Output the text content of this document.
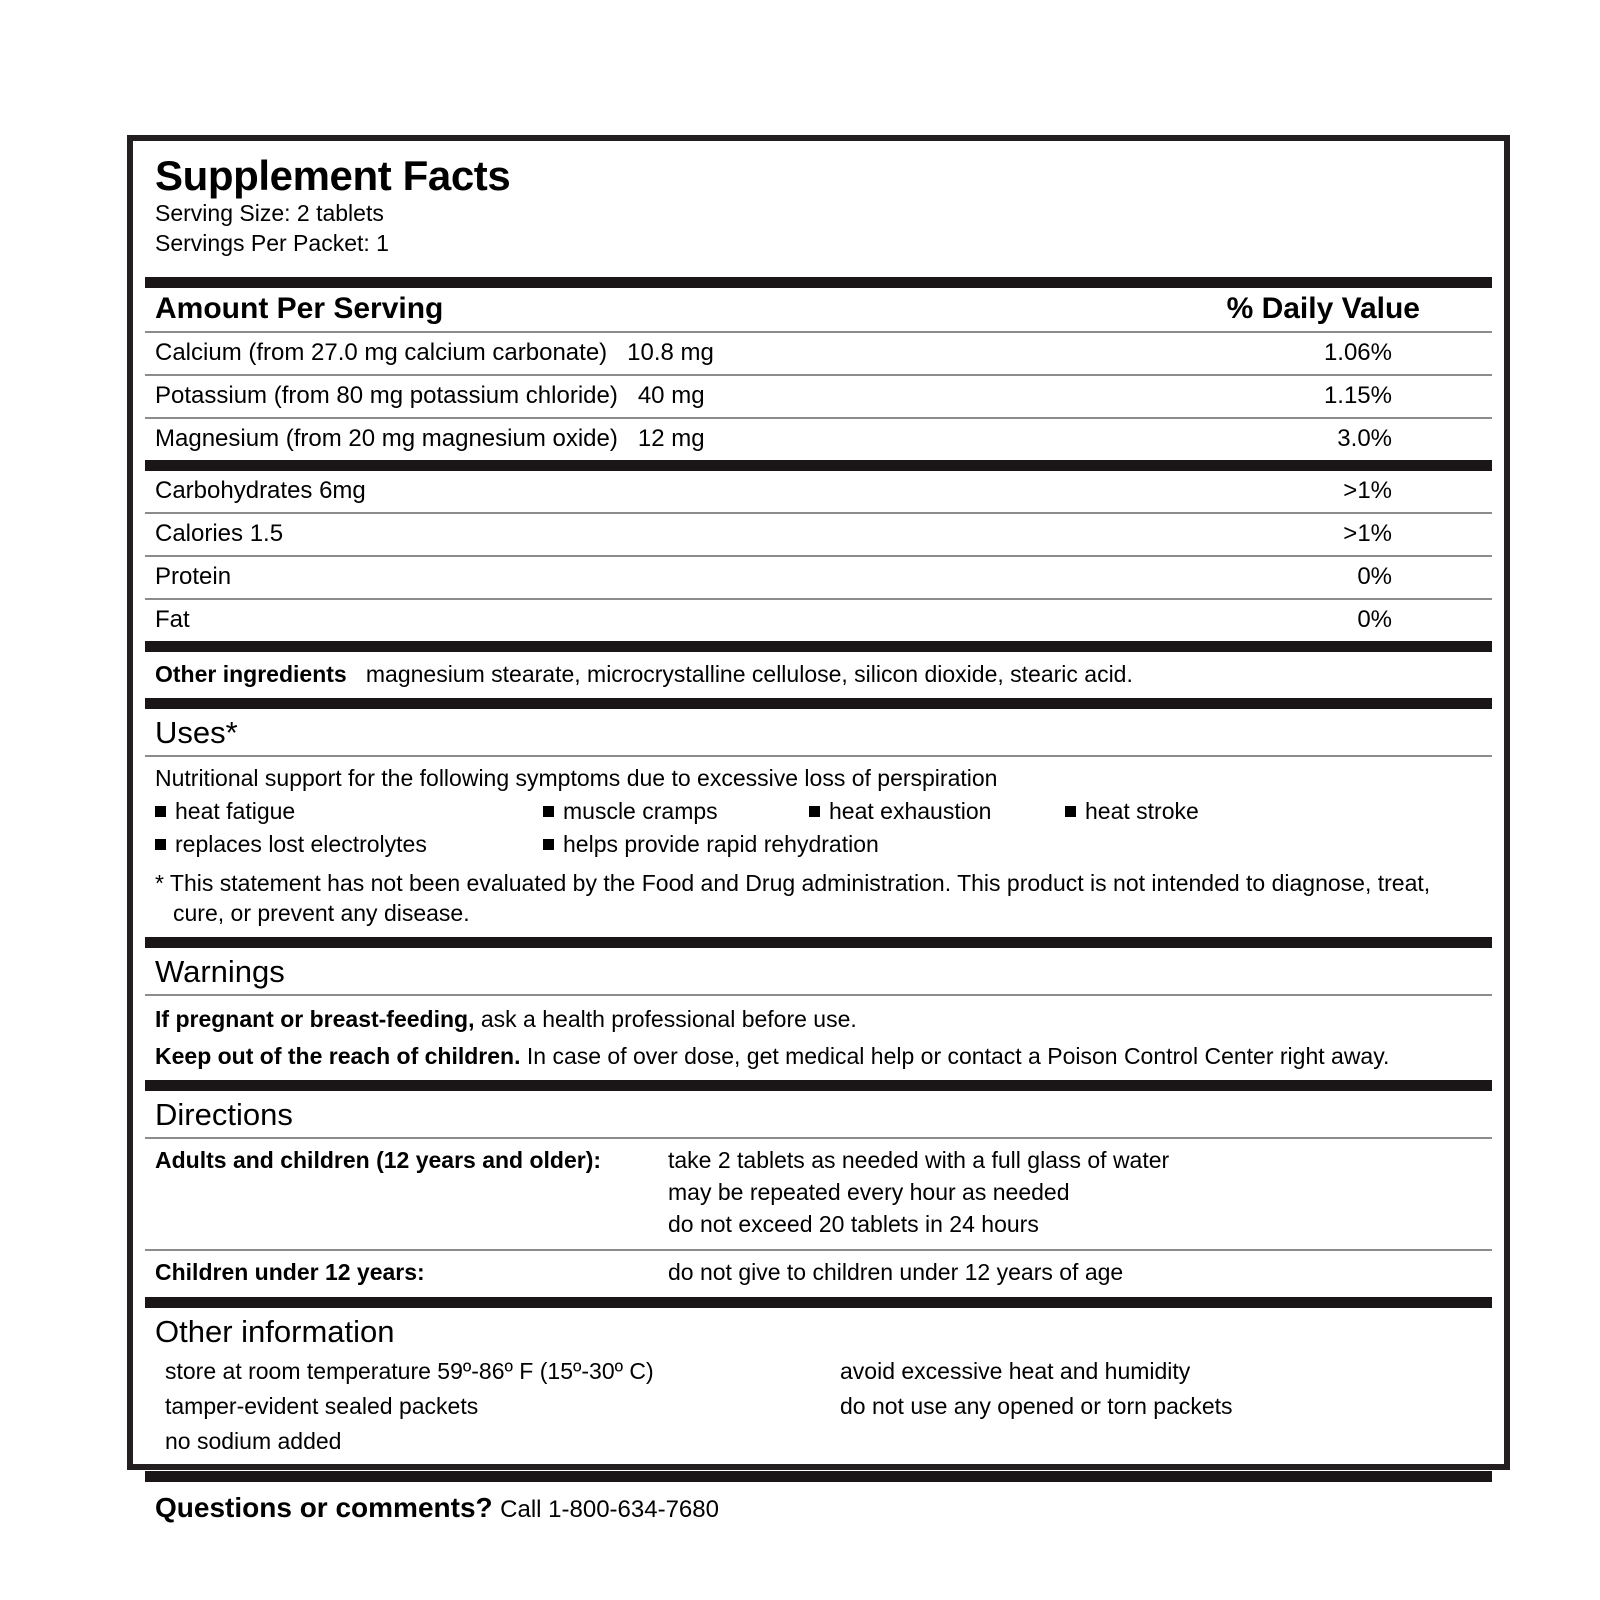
Supplement Facts
Serving Size: 2 tablets
Servings Per Packet: 1
Amount Per Serving	% Daily Value
Calcium (from 27.0 mg calcium carbonate)   10.8 mg	1.06%
Potassium (from 80 mg potassium chloride)   40 mg	1.15%
Magnesium (from 20 mg magnesium oxide)   12 mg	3.0%
Carbohydrates 6mg	>1%
Calories 1.5	>1%
Protein	0%
Fat	0%
Other ingredients magnesium stearate, microcrystalline cellulose, silicon dioxide, stearic acid.
Uses*
Nutritional support for the following symptoms due to excessive loss of perspiration
heat fatigue	muscle cramps	heat exhaustion	heat stroke
replaces lost electrolytes	helps provide rapid rehydration
* This statement has not been evaluated by the Food and Drug administration. This product is not intended to diagnose, treat,
cure, or prevent any disease.
Warnings
If pregnant or breast-feeding, ask a health professional before use.
Keep out of the reach of children. In case of over dose, get medical help or contact a Poison Control Center right away.
Directions
Adults and children (12 years and older):	take 2 tablets as needed with a full glass of water
may be repeated every hour as needed
do not exceed 20 tablets in 24 hours
Children under 12 years:	do not give to children under 12 years of age
Other information
store at room temperature 59º-86º F (15º-30º C)	avoid excessive heat and humidity
tamper-evident sealed packets	do not use any opened or torn packets
no sodium added
Questions or comments? Call 1-800-634-7680
